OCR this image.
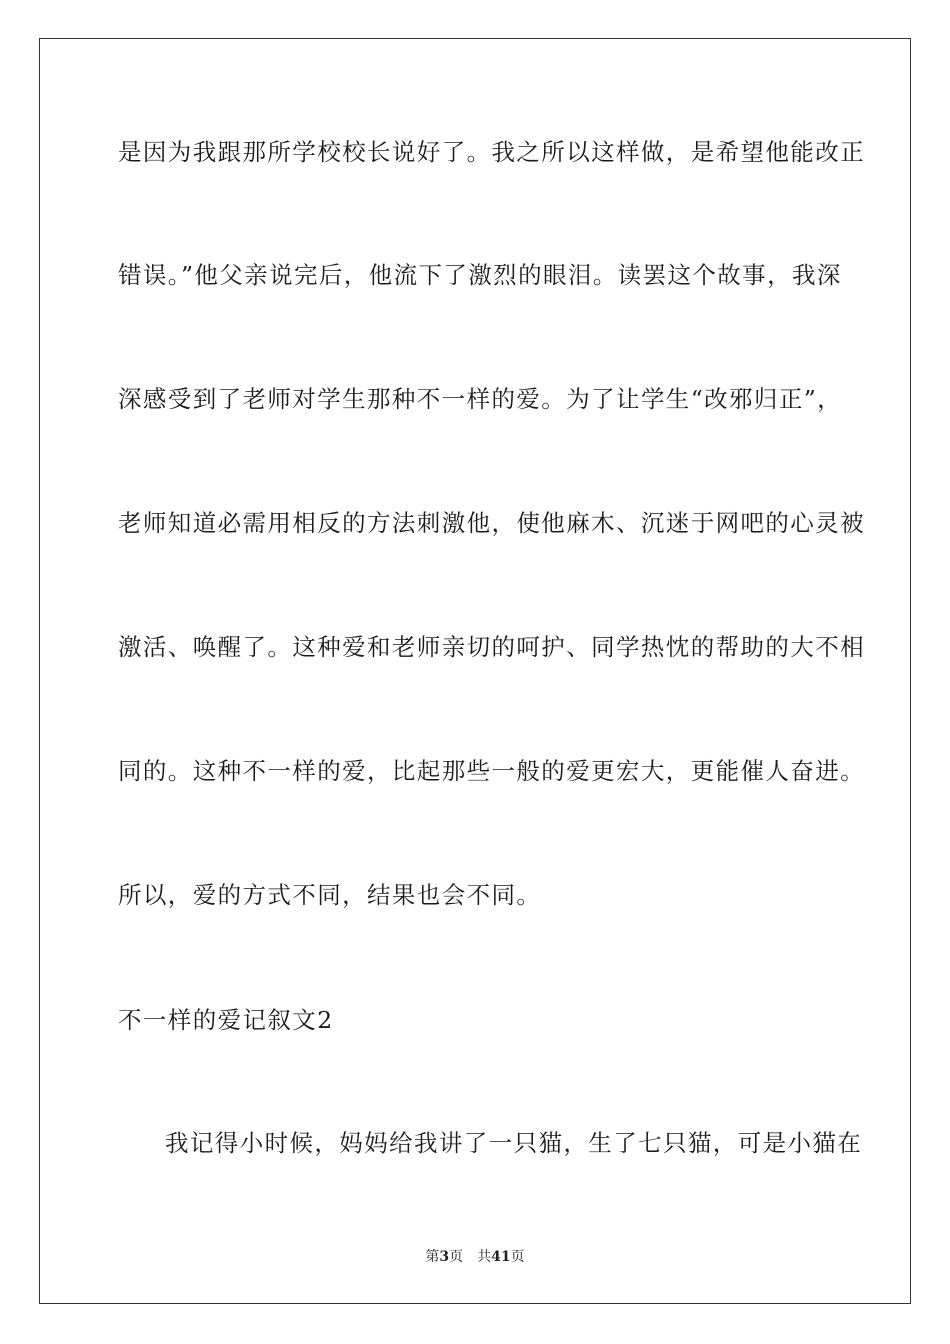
是因为我跟那所学校校长说好了。我之所以这样做，是希望他能改正
错误。”他父亲说完后，他流下了激烈的眼泪。读罢这个故事，我深
深感受到了老师对学生那种不一样的爱。为了让学生“改邪归正”，
老师知道必需用相反的方法刺激他，使他麻木、沉迷于网吧的心灵被
激活、唤醒了。这种爱和老师亲切的呵护、同学热忱的帮助的大不相
同的。这种不一样的爱，比起那些一般的爱更宏大，更能催人奋进。
所以，爱的方式不同，结果也会不同。
不一样的爱记叙文2
我记得小时候，妈妈给我讲了一只猫，生了七只猫，可是小猫在
第3页 共41页
